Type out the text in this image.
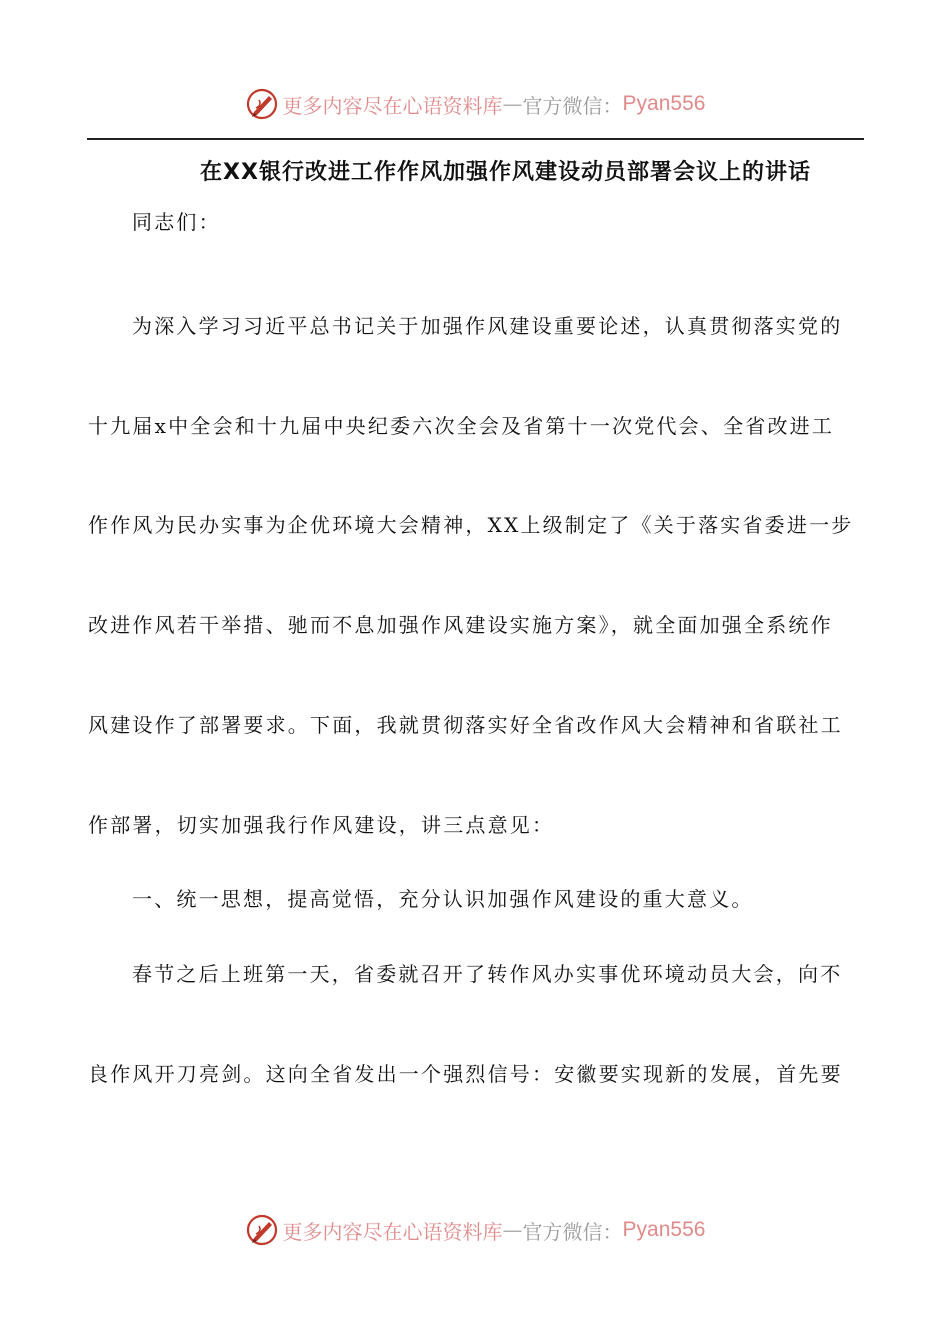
更多内容尽在心语资料库 — 官方微信： Pyan556
在XX银行改进工作作风加强作风建设动员部署会议上的讲话
同志们：
为深入学习习近平总书记关于加强作风建设重要论述，认真贯彻落实党的
十九届x中全会和十九届中央纪委六次全会及省第十一次党代会、全省改进工
作作风为民办实事为企优环境大会精神，XX上级制定了《关于落实省委进一步
改进作风若干举措、驰而不息加强作风建设实施方案》，就全面加强全系统作
风建设作了部署要求。下面，我就贯彻落实好全省改作风大会精神和省联社工
作部署，切实加强我行作风建设，讲三点意见：
一、统一思想，提高觉悟，充分认识加强作风建设的重大意义。
春节之后上班第一天，省委就召开了转作风办实事优环境动员大会，向不
良作风开刀亮剑。这向全省发出一个强烈信号：安徽要实现新的发展，首先要
更多内容尽在心语资料库 — 官方微信： Pyan556
